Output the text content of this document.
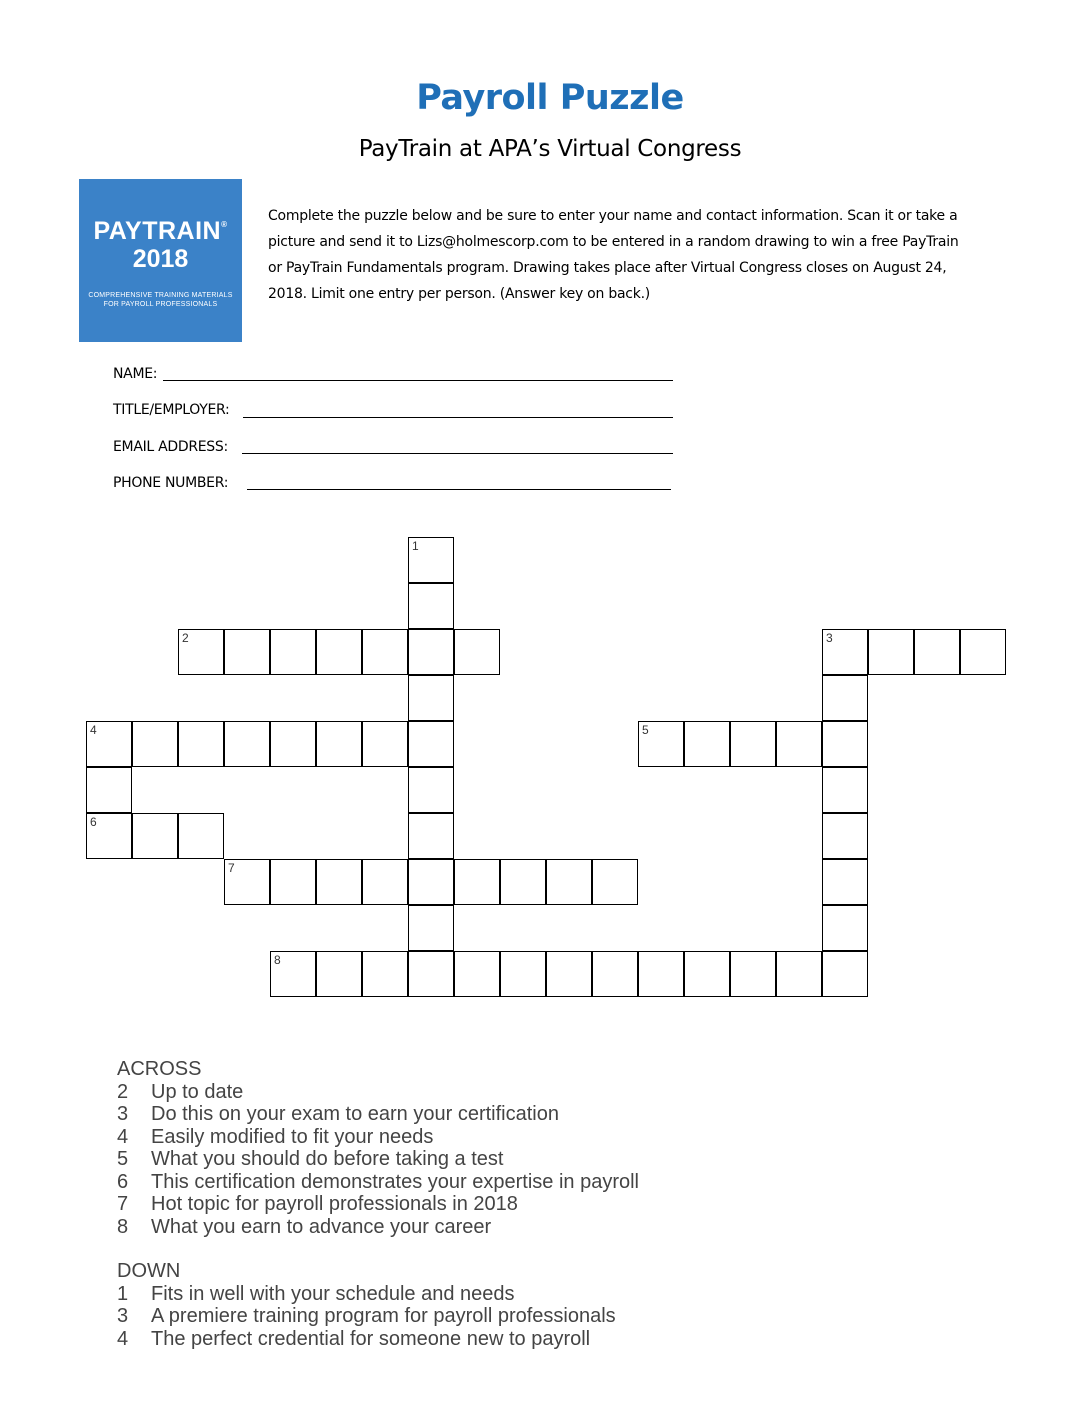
Payroll Puzzle
PayTrain at APA’s Virtual Congress
PAYTRAIN®
2018
COMPREHENSIVE TRAINING MATERIALS
FOR PAYROLL PROFESSIONALS
Complete the puzzle below and be sure to enter your name and contact information. Scan it or take a
picture and send it to Lizs@holmescorp.com to be entered in a random drawing to win a free PayTrain
or PayTrain Fundamentals program. Drawing takes place after Virtual Congress closes on August 24,
2018. Limit one entry per person. (Answer key on back.)
NAME:
TITLE/EMPLOYER:
EMAIL ADDRESS:
PHONE NUMBER:
1
2	3
4	5
6
7
8
ACROSS
2 Up to date
3 Do this on your exam to earn your certification
4 Easily modified to fit your needs
5 What you should do before taking a test
6 This certification demonstrates your expertise in payroll
7 Hot topic for payroll professionals in 2018
8 What you earn to advance your career
DOWN
1 Fits in well with your schedule and needs
3 A premiere training program for payroll professionals
4 The perfect credential for someone new to payroll
